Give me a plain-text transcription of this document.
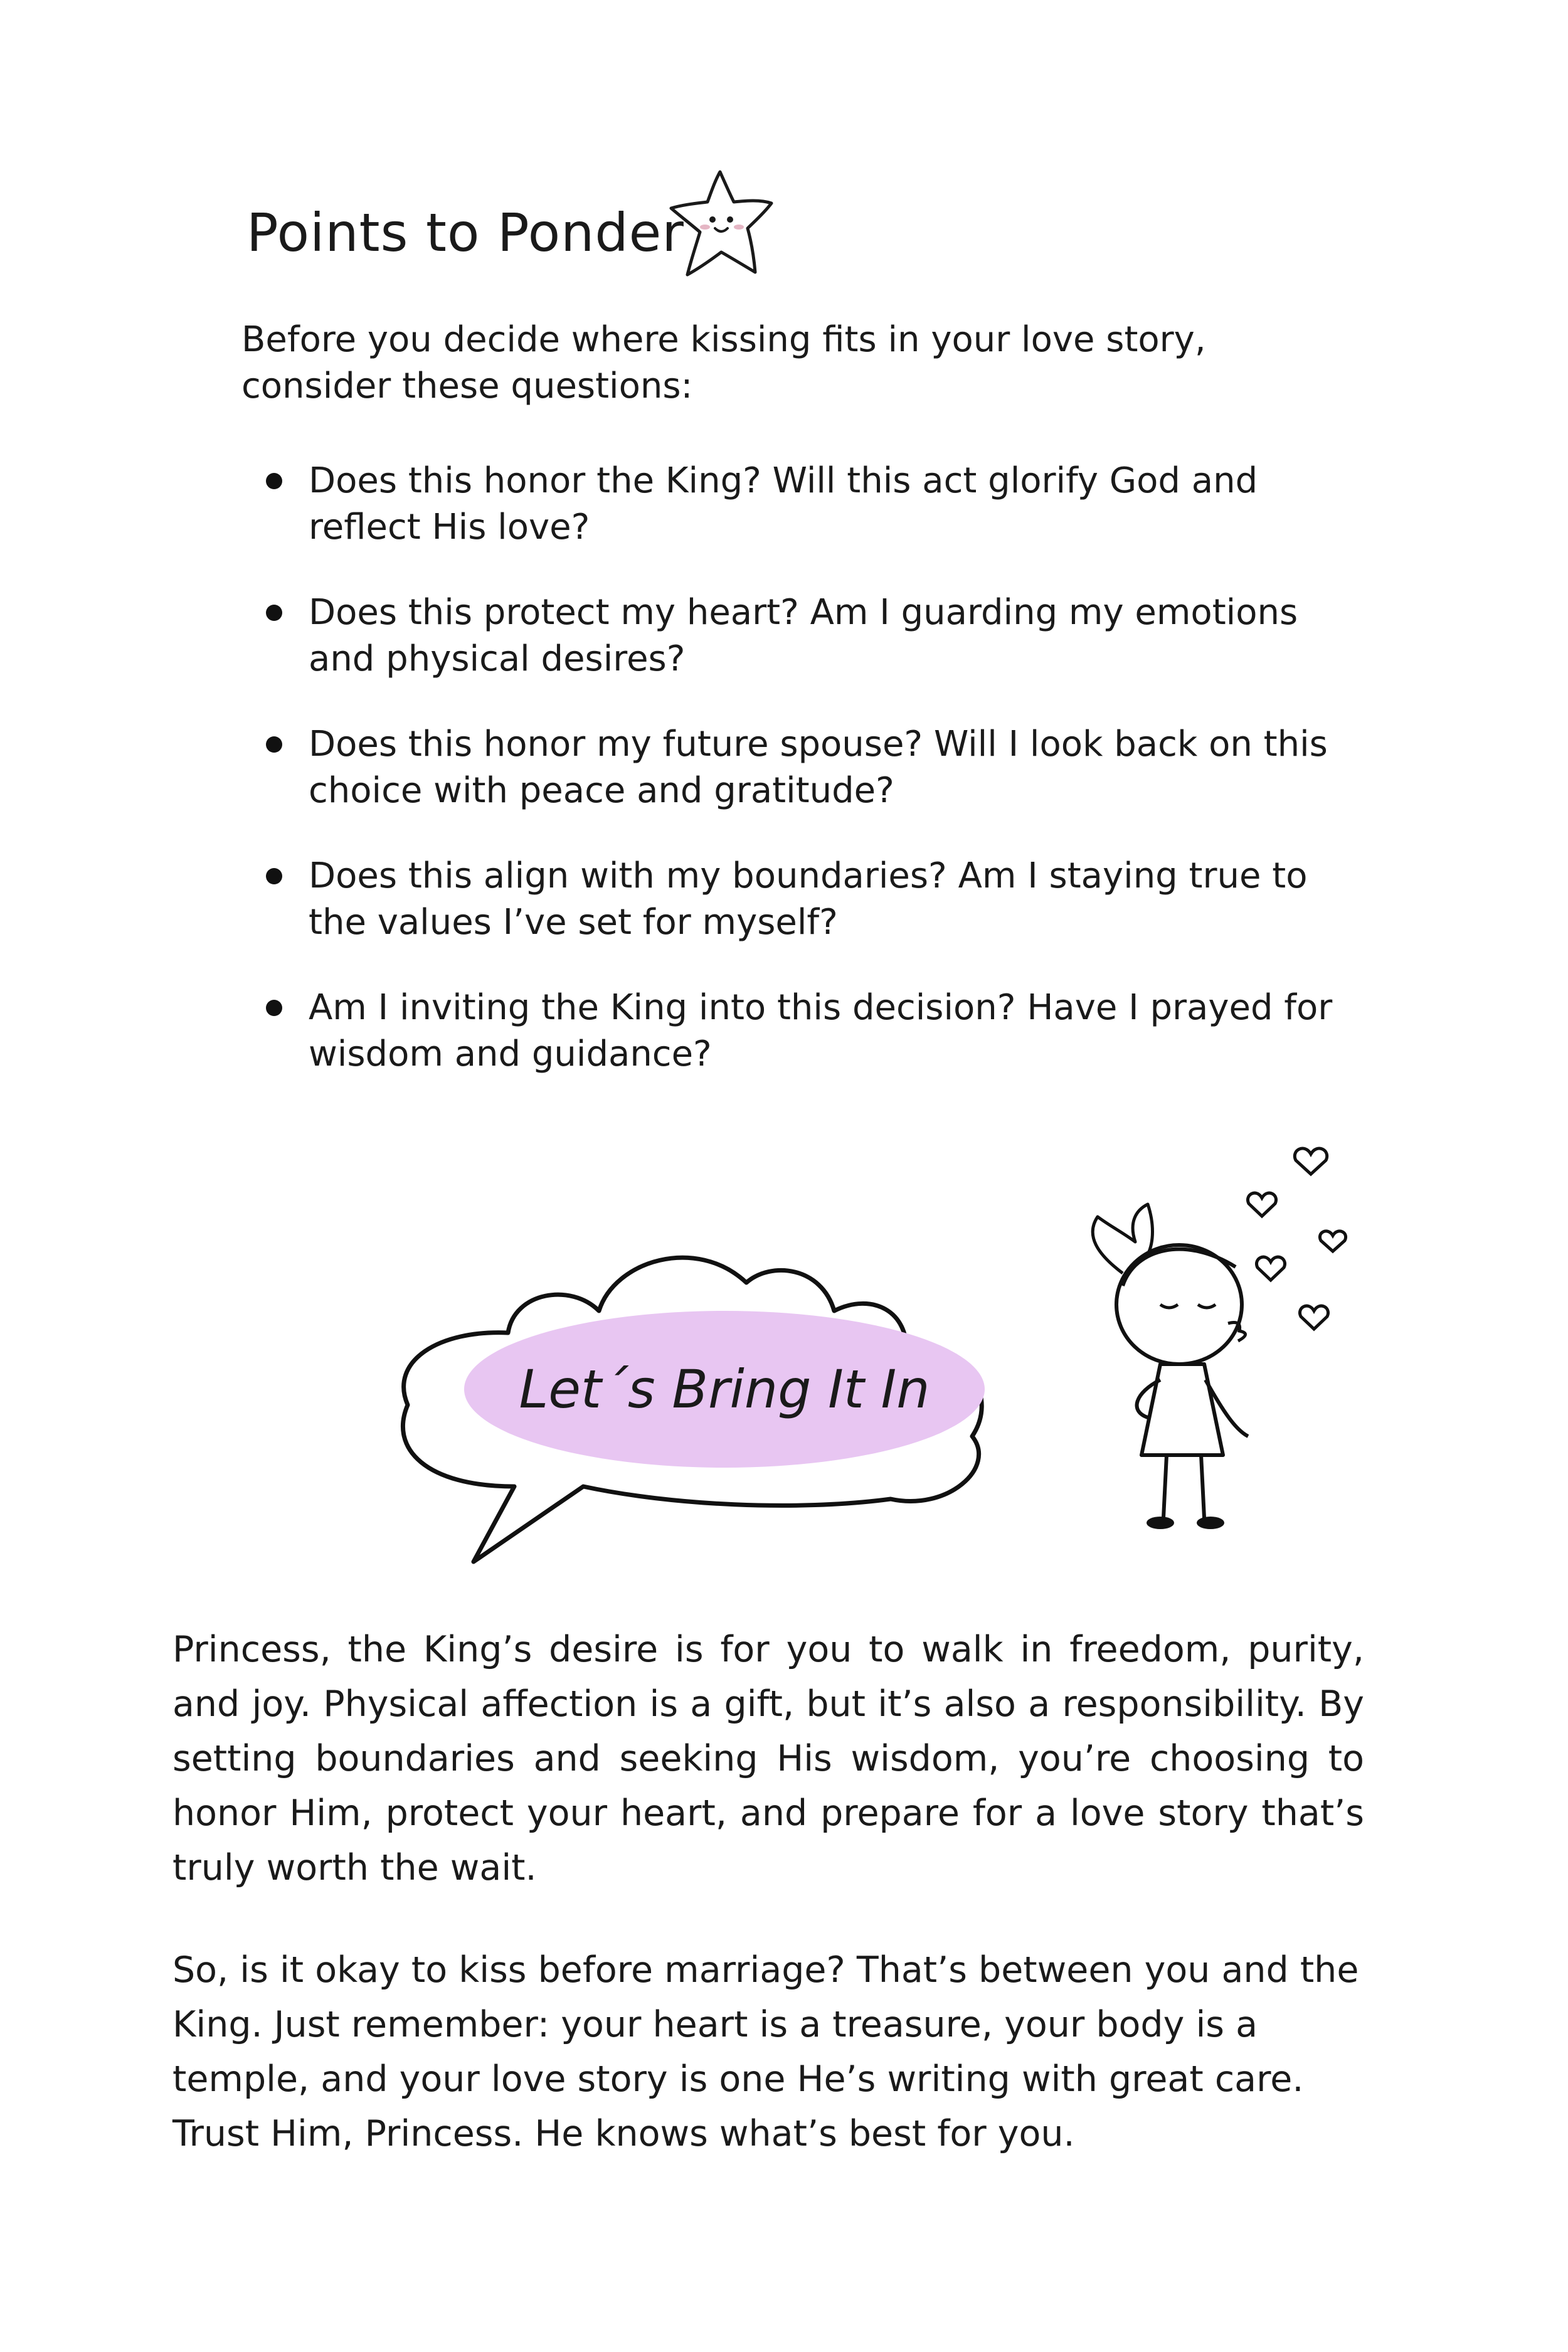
Points to Ponder

Before you decide where kissing fits in your love story, consider these questions:

Does this honor the King? Will this act glorify God and reflect His love?
Does this protect my heart? Am I guarding my emotions and physical desires?
Does this honor my future spouse? Will I look back on this choice with peace and gratitude?
Does this align with my boundaries? Am I staying true to the values I’ve set for myself?
Am I inviting the King into this decision? Have I prayed for wisdom and guidance?

Let´s Bring It In

Princess, the King’s desire is for you to walk in freedom, purity, and joy. Physical affection is a gift, but it’s also a responsibility. By setting boundaries and seeking His wisdom, you’re choosing to honor Him, protect your heart, and prepare for a love story that’s truly worth the wait.

So, is it okay to kiss before marriage? That’s between you and the King. Just remember: your heart is a treasure, your body is a temple, and your love story is one He’s writing with great care. Trust Him, Princess. He knows what’s best for you.
